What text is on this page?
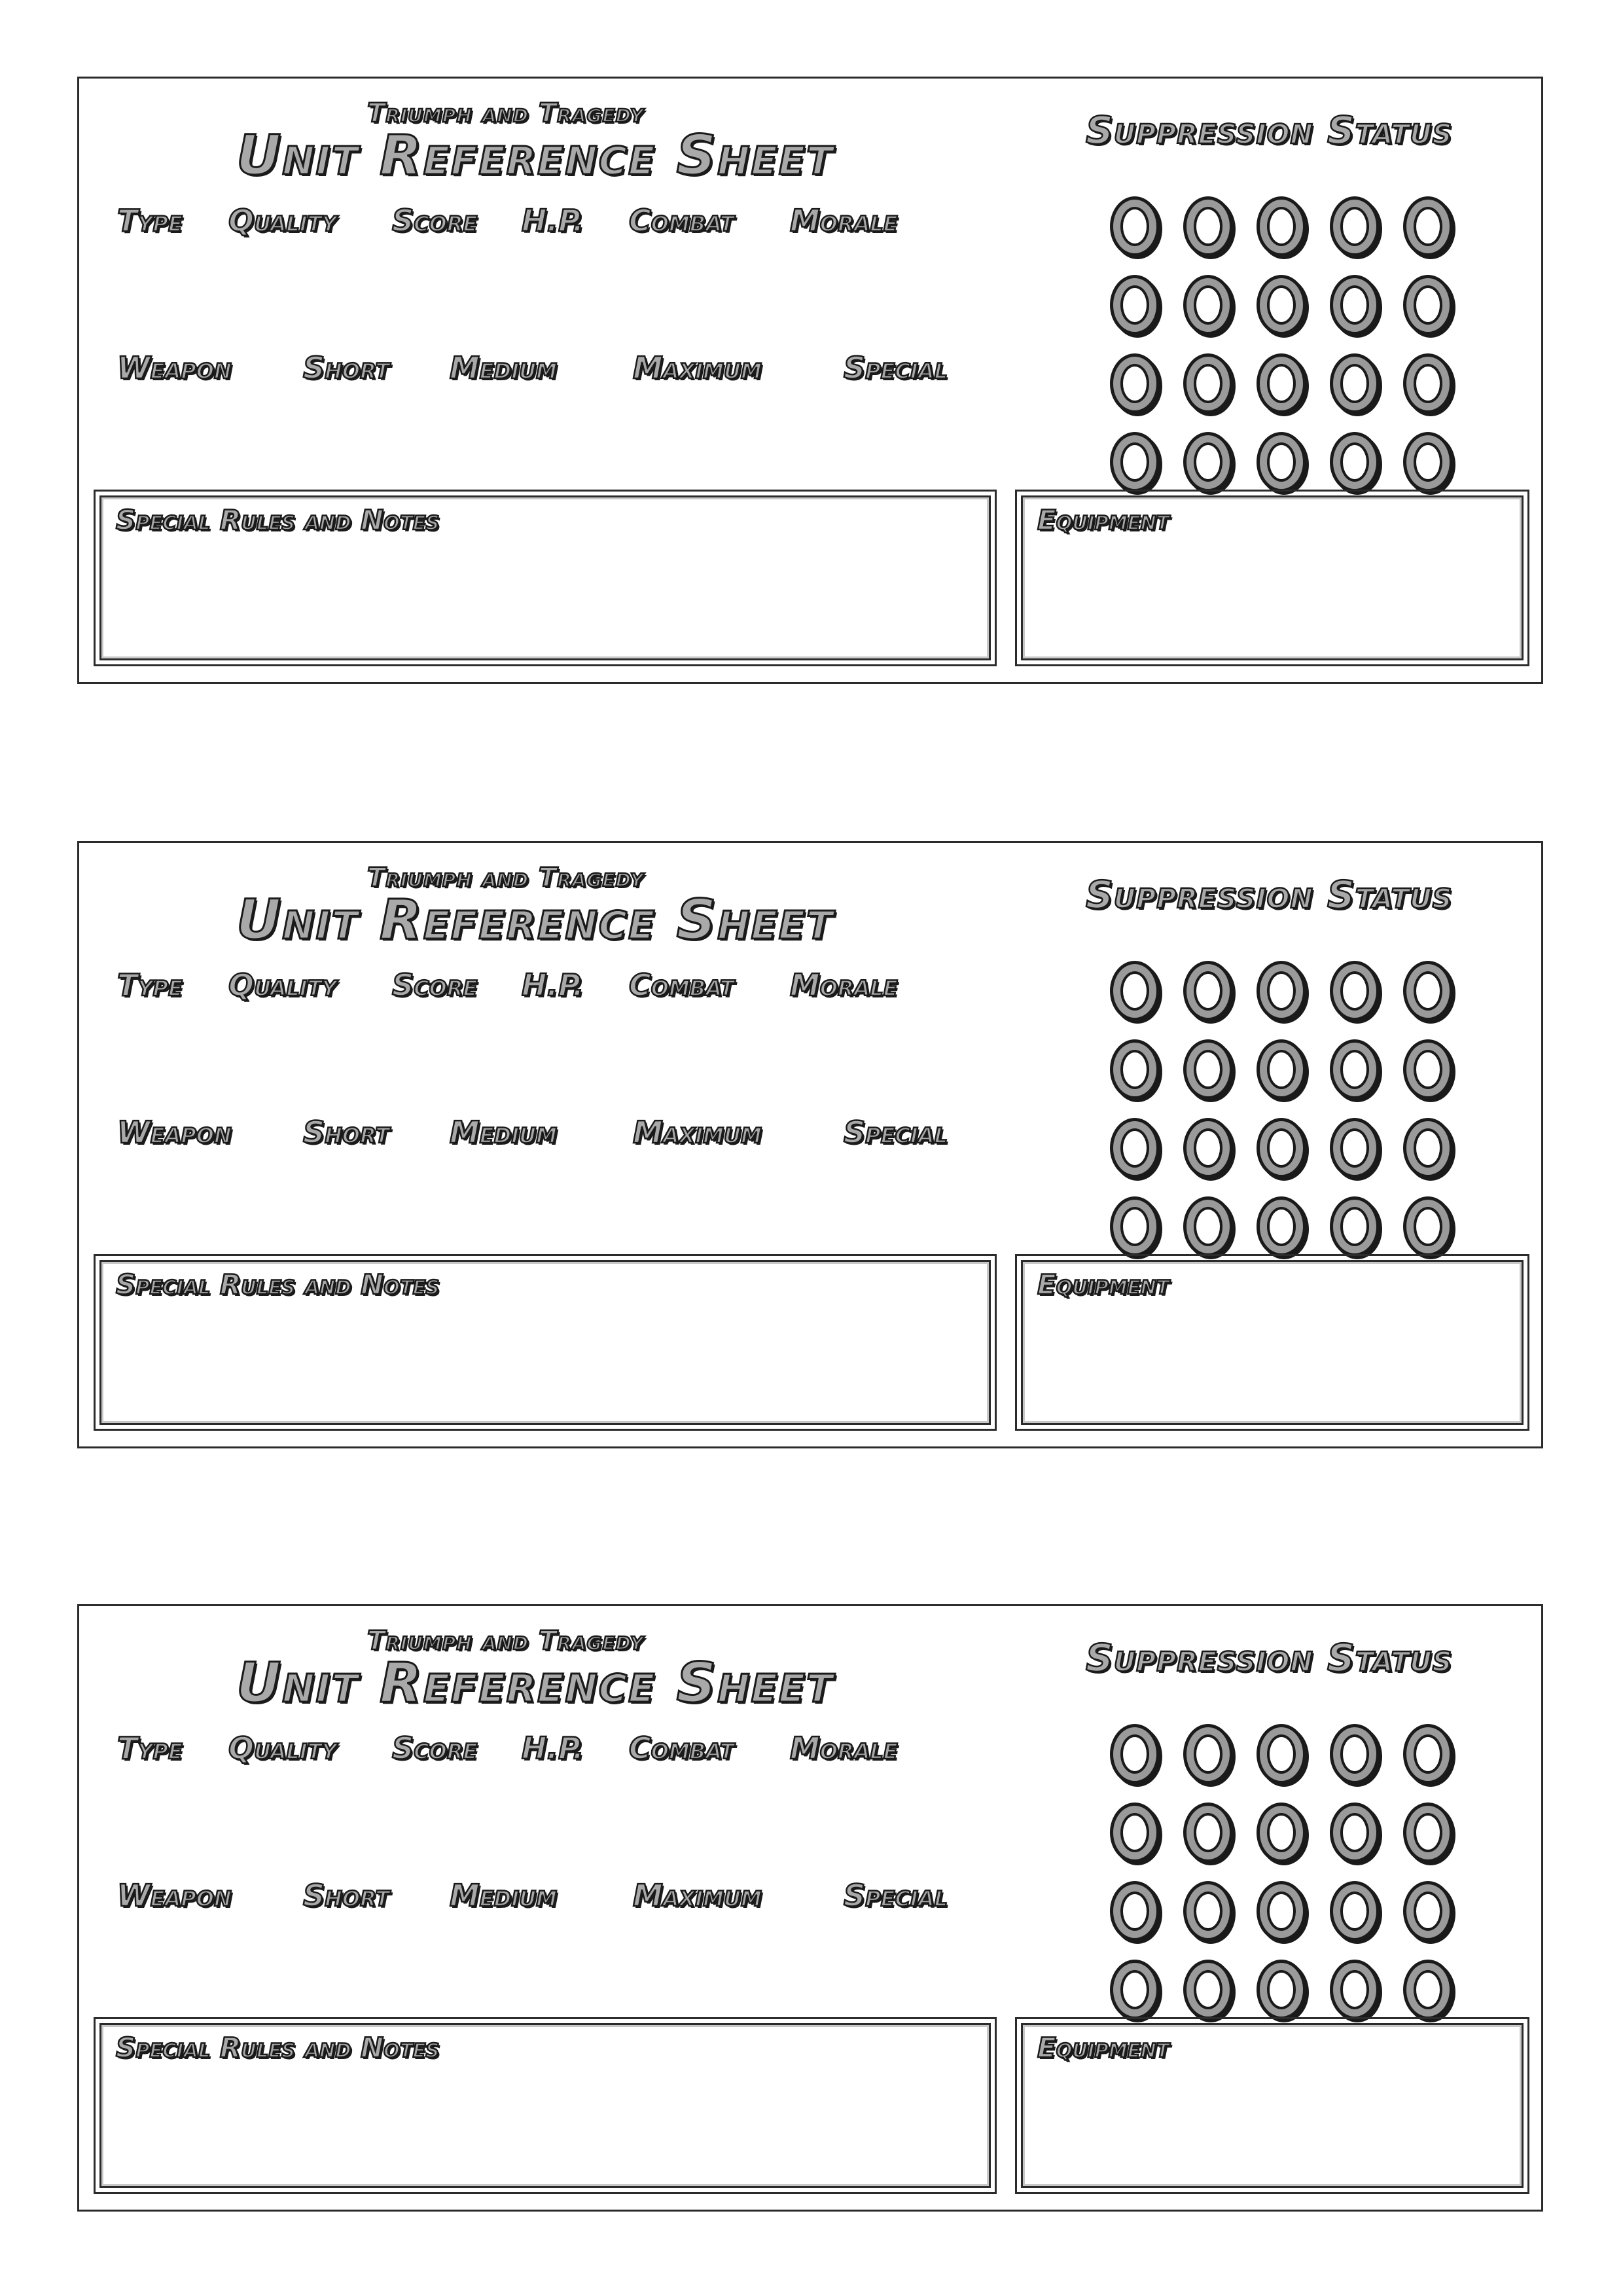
Triumph and Tragedy
Unit Reference Sheet
Type Quality Score H.P. Combat Morale
Weapon Short Medium	Maximum	Special
Suppression Status
Special Rules and Notes	Equipment
Triumph and Tragedy
Unit Reference Sheet
Type Quality Score H.P. Combat Morale
Weapon Short Medium	Maximum	Special
Suppression Status
Special Rules and Notes	Equipment
Triumph and Tragedy
Unit Reference Sheet
Type Quality Score H.P. Combat Morale
Weapon Short Medium	Maximum	Special
Suppression Status
Special Rules and Notes	Equipment
